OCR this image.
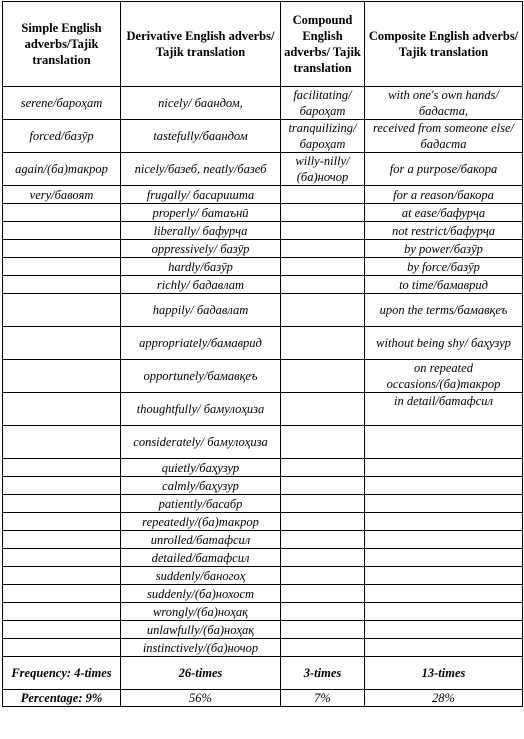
Simple English adverbs/Tajik translation	Derivative English adverbs/ Tajik translation	Compound English adverbs/ Tajik translation	Composite English adverbs/ Tajik translation
serene/бароҳат	nicely/ баандом,	facilitating/ бароҳат	with one's own hands/ бадаста,
forced/базӯр	tastefully/баандом	tranquilizing/ бароҳат	received from someone else/бадаста
again/(ба)такрор	nicely/базеб, neatly/базеб	willy-nilly/ (ба)ночор	for a purpose/бакора
very/бавоят	frugally/ басаришта		for a reason/бакора
	properly/ батаънӣ		at ease/бафурҷа
	liberally/ бафурҷа		not restrict/бафурҷа
	oppressively/ базӯр		by power/базӯр
	hardly/базӯр		by force/базӯр
	richly/ бадавлат		to time/бамаврид
	happily/ бадавлат		upon the terms/бамавқеъ
	appropriately/бамаврид		without being shy/ баҳузур
	opportunely/бамавқеъ		on repeated occasions/(ба)такрор
	thoughtfully/ бамулоҳиза		in detail/батафсил
	considerately/ бамулоҳиза		
	quietly/баҳузур		
	calmly/баҳузур		
	patiently/басабр		
	repeatedly/(ба)такрор		
	unrolled/батафсил		
	detailed/батафсил		
	suddenly/баногоҳ		
	suddenly/(ба)нохост		
	wrongly/(ба)ноҳақ		
	unlawfully/(ба)ноҳақ		
	instinctively/(ба)ночор		
Frequency: 4-times	26-times	3-times	13-times
Percentage: 9%	56%	7%	28%
